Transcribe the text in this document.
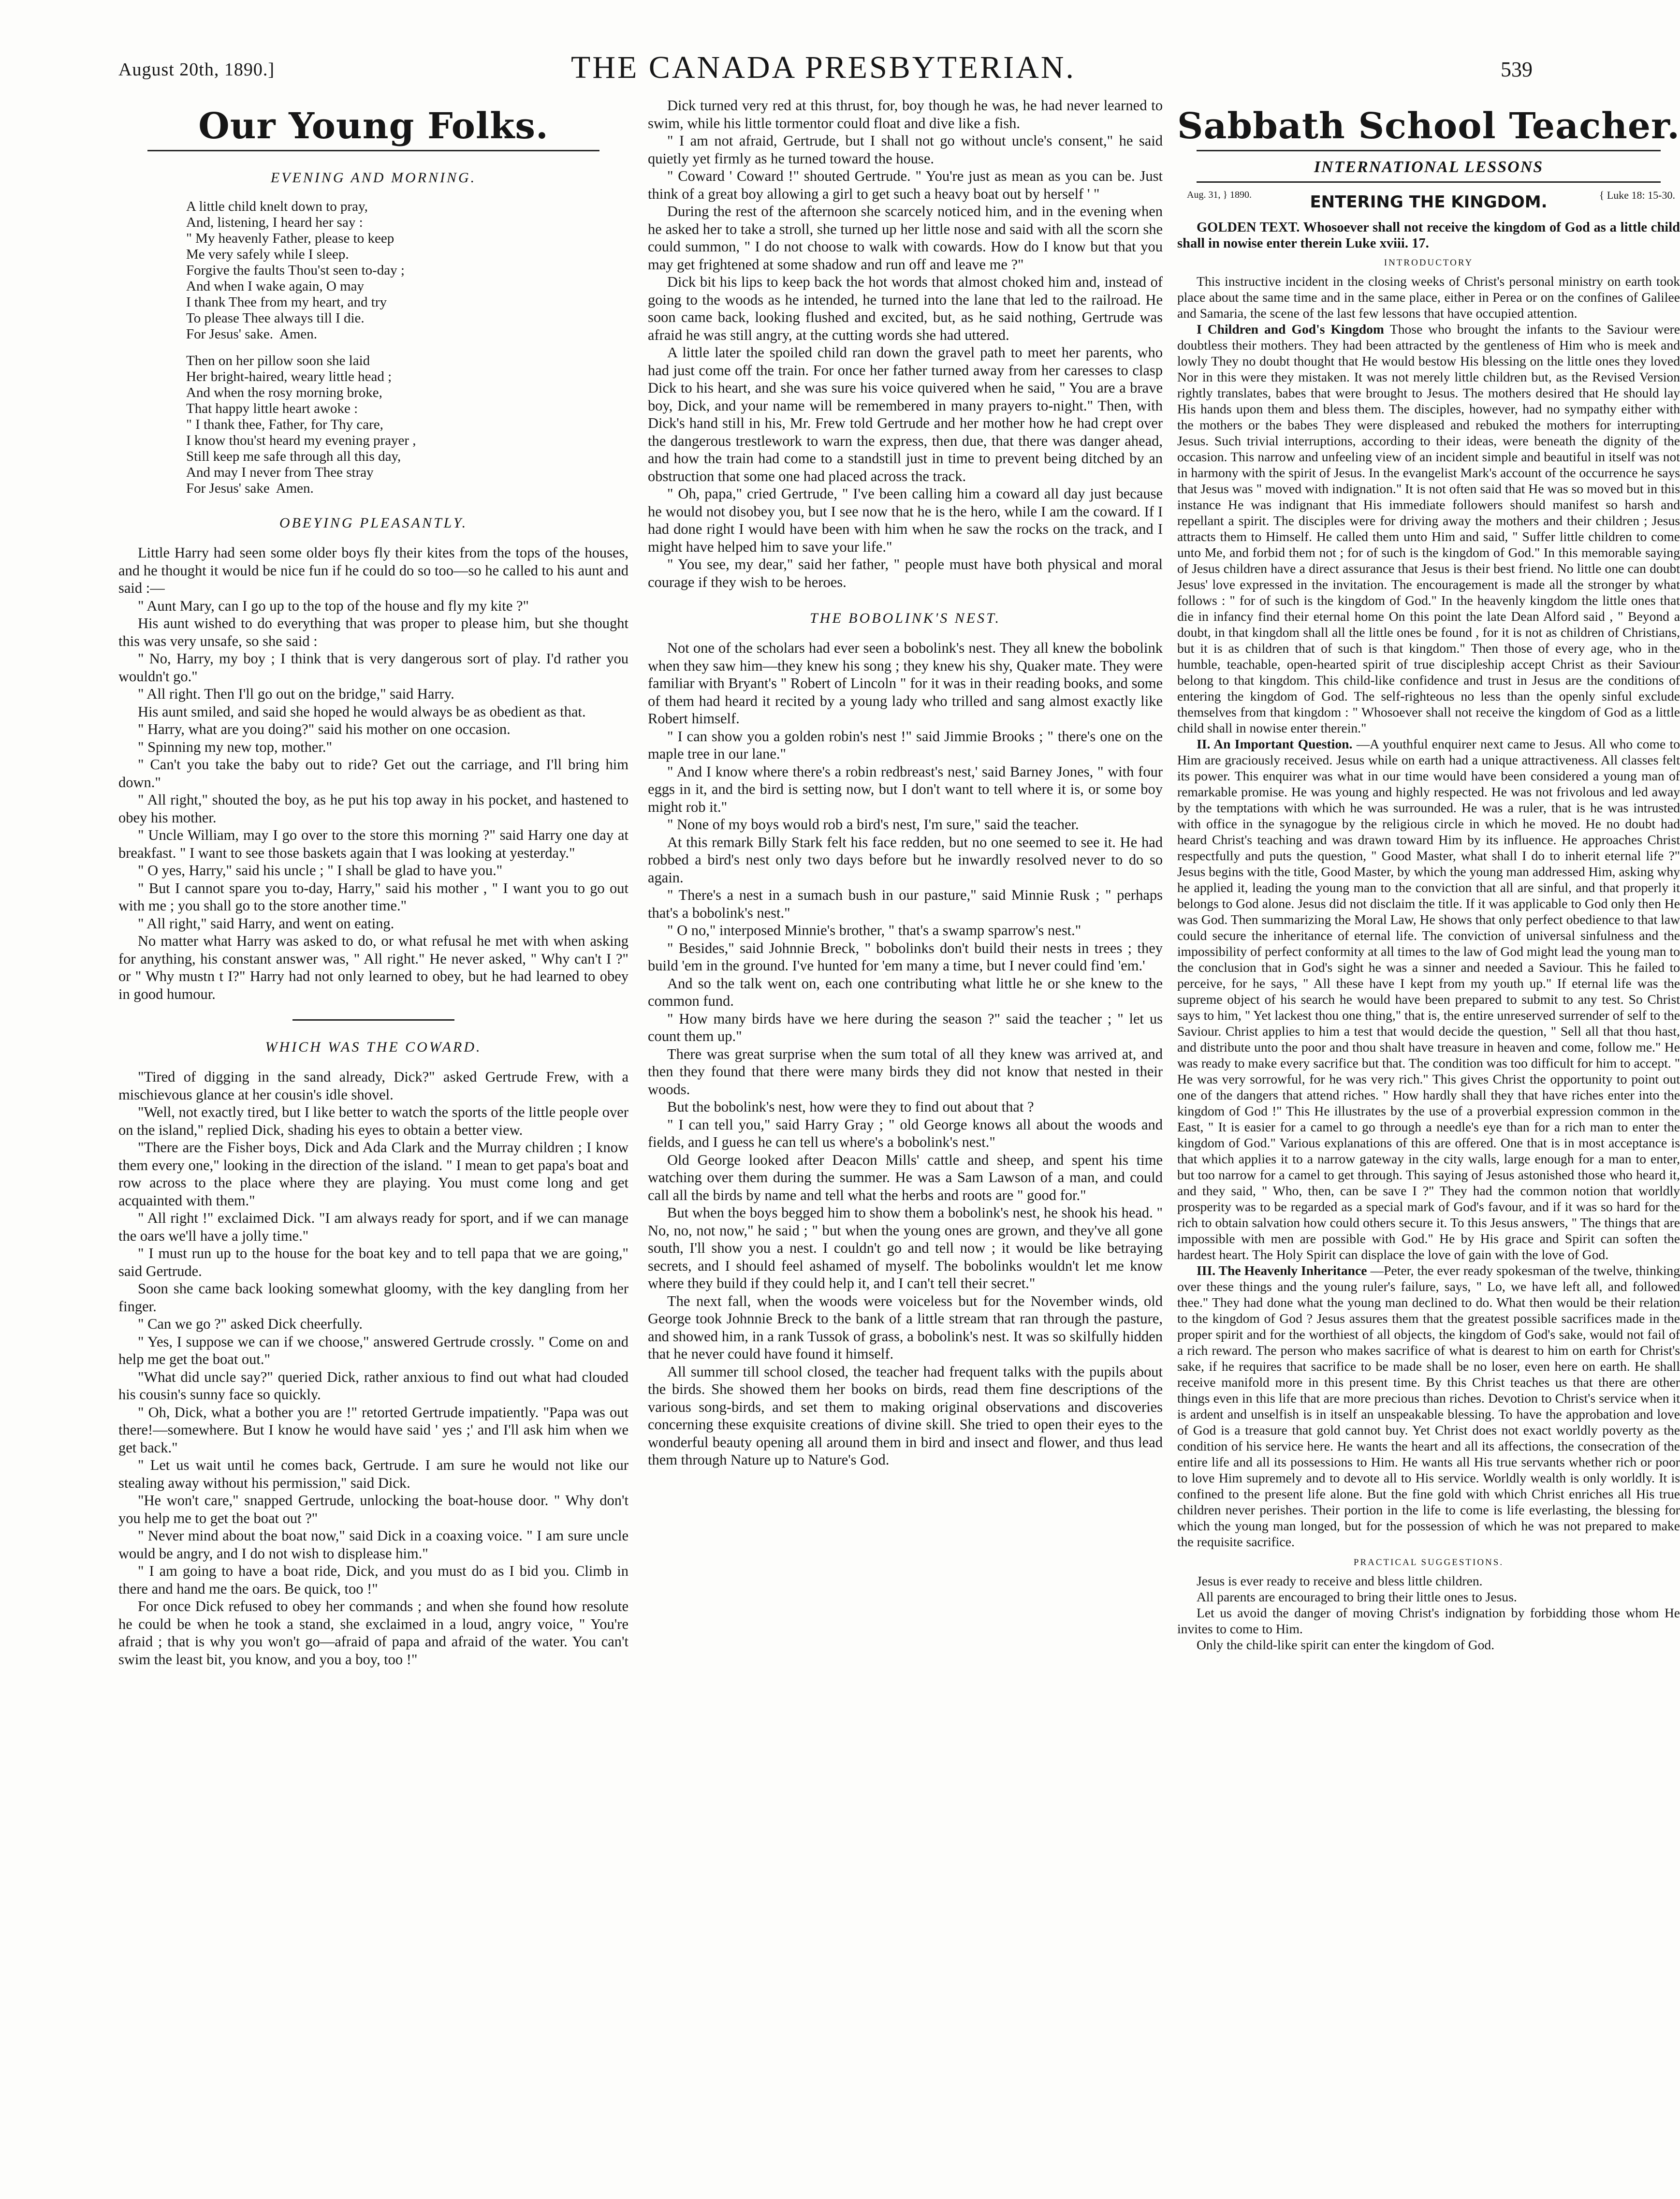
August 20th, 1890.]	THE CANADA PRESBYTERIAN.	539
Our Young Folks.
EVENING AND MORNING.
A little child knelt down to pray,
And, listening, I heard her say :
" My heavenly Father, please to keep
Me very safely while I sleep.
Forgive the faults Thou'st seen to-day ;
And when I wake again, O may
I thank Thee from my heart, and try
To please Thee always till I die.
For Jesus' sake.  Amen.
Then on her pillow soon she laid
Her bright-haired, weary little head ;
And when the rosy morning broke,
That happy little heart awoke :
" I thank thee, Father, for Thy care,
I know thou'st heard my evening prayer ,
Still keep me safe through all this day,
And may I never from Thee stray
For Jesus' sake  Amen.
OBEYING PLEASANTLY.

Little Harry had seen some older boys fly their kites from the tops of the houses, and he thought it would be nice fun if he could do so too—so he called to his aunt and said :—

" Aunt Mary, can I go up to the top of the house and fly my kite ?"

His aunt wished to do everything that was proper to please him, but she thought this was very unsafe, so she said :

" No, Harry, my boy ; I think that is very dangerous sort of play. I'd rather you wouldn't go."

" All right. Then I'll go out on the bridge," said Harry.

His aunt smiled, and said she hoped he would always be as obedient as that.

" Harry, what are you doing?" said his mother on one occasion.

" Spinning my new top, mother."

" Can't you take the baby out to ride? Get out the carriage, and I'll bring him down."

" All right," shouted the boy, as he put his top away in his pocket, and hastened to obey his mother.

" Uncle William, may I go over to the store this morning ?" said Harry one day at breakfast. " I want to see those baskets again that I was looking at yesterday."

" O yes, Harry," said his uncle ; " I shall be glad to have you."

" But I cannot spare you to-day, Harry," said his mother , " I want you to go out with me ; you shall go to the store another time."

" All right," said Harry, and went on eating.

No matter what Harry was asked to do, or what refusal he met with when asking for anything, his constant answer was, " All right." He never asked, " Why can't I ?" or " Why mustn t I?" Harry had not only learned to obey, but he had learned to obey in good humour.

WHICH WAS THE COWARD.

"Tired of digging in the sand already, Dick?" asked Gertrude Frew, with a mischievous glance at her cousin's idle shovel.

"Well, not exactly tired, but I like better to watch the sports of the little people over on the island," replied Dick, shading his eyes to obtain a better view.

"There are the Fisher boys, Dick and Ada Clark and the Murray children ; I know them every one," looking in the direction of the island. " I mean to get papa's boat and row across to the place where they are playing. You must come long and get acquainted with them."

" All right !" exclaimed Dick. "I am always ready for sport, and if we can manage the oars we'll have a jolly time."

" I must run up to the house for the boat key and to tell papa that we are going," said Gertrude.

Soon she came back looking somewhat gloomy, with the key dangling from her finger.

" Can we go ?" asked Dick cheerfully.

" Yes, I suppose we can if we choose," answered Gertrude crossly. " Come on and help me get the boat out."

"What did uncle say?" queried Dick, rather anxious to find out what had clouded his cousin's sunny face so quickly.

" Oh, Dick, what a bother you are !" retorted Gertrude impatiently. "Papa was out there!—somewhere. But I know he would have said ' yes ;' and I'll ask him when we get back."

" Let us wait until he comes back, Gertrude. I am sure he would not like our stealing away without his permission," said Dick.

"He won't care," snapped Gertrude, unlocking the boat-house door. " Why don't you help me to get the boat out ?"

" Never mind about the boat now," said Dick in a coaxing voice. " I am sure uncle would be angry, and I do not wish to displease him."

" I am going to have a boat ride, Dick, and you must do as I bid you. Climb in there and hand me the oars. Be quick, too !"

For once Dick refused to obey her commands ; and when she found how resolute he could be when he took a stand, she exclaimed in a loud, angry voice, " You're afraid ; that is why you won't go—afraid of papa and afraid of the water. You can't swim the least bit, you know, and you a boy, too !"

Dick turned very red at this thrust, for, boy though he was, he had never learned to swim, while his little tormentor could float and dive like a fish.

" I am not afraid, Gertrude, but I shall not go without uncle's consent," he said quietly yet firmly as he turned toward the house.

" Coward ' Coward !" shouted Gertrude. " You're just as mean as you can be. Just think of a great boy allowing a girl to get such a heavy boat out by herself ' "

During the rest of the afternoon she scarcely noticed him, and in the evening when he asked her to take a stroll, she turned up her little nose and said with all the scorn she could summon, " I do not choose to walk with cowards. How do I know but that you may get frightened at some shadow and run off and leave me ?"

Dick bit his lips to keep back the hot words that almost choked him and, instead of going to the woods as he intended, he turned into the lane that led to the railroad. He soon came back, looking flushed and excited, but, as he said nothing, Gertrude was afraid he was still angry, at the cutting words she had uttered.

A little later the spoiled child ran down the gravel path to meet her parents, who had just come off the train. For once her father turned away from her caresses to clasp Dick to his heart, and she was sure his voice quivered when he said, " You are a brave boy, Dick, and your name will be remembered in many prayers to-night." Then, with Dick's hand still in his, Mr. Frew told Gertrude and her mother how he had crept over the dangerous trestlework to warn the express, then due, that there was danger ahead, and how the train had come to a standstill just in time to prevent being ditched by an obstruction that some one had placed across the track.

" Oh, papa," cried Gertrude, " I've been calling him a coward all day just because he would not disobey you, but I see now that he is the hero, while I am the coward. If I had done right I would have been with him when he saw the rocks on the track, and I might have helped him to save your life."

" You see, my dear," said her father, " people must have both physical and moral courage if they wish to be heroes.

THE BOBOLINK'S NEST.

Not one of the scholars had ever seen a bobolink's nest. They all knew the bobolink when they saw him—they knew his song ; they knew his shy, Quaker mate. They were familiar with Bryant's " Robert of Lincoln " for it was in their reading books, and some of them had heard it recited by a young lady who trilled and sang almost exactly like Robert himself.

" I can show you a golden robin's nest !" said Jimmie Brooks ; " there's one on the maple tree in our lane."

" And I know where there's a robin redbreast's nest,' said Barney Jones, " with four eggs in it, and the bird is setting now, but I don't want to tell where it is, or some boy might rob it."

" None of my boys would rob a bird's nest, I'm sure," said the teacher.

At this remark Billy Stark felt his face redden, but no one seemed to see it. He had robbed a bird's nest only two days before but he inwardly resolved never to do so again.

" There's a nest in a sumach bush in our pasture," said Minnie Rusk ; " perhaps that's a bobolink's nest."

" O no," interposed Minnie's brother, " that's a swamp sparrow's nest."

" Besides," said Johnnie Breck, " bobolinks don't build their nests in trees ; they build 'em in the ground. I've hunted for 'em many a time, but I never could find 'em.'

And so the talk went on, each one contributing what little he or she knew to the common fund.

" How many birds have we here during the season ?" said the teacher ; " let us count them up."

There was great surprise when the sum total of all they knew was arrived at, and then they found that there were many birds they did not know that nested in their woods.

But the bobolink's nest, how were they to find out about that ?

" I can tell you," said Harry Gray ; " old George knows all about the woods and fields, and I guess he can tell us where's a bobolink's nest."

Old George looked after Deacon Mills' cattle and sheep, and spent his time watching over them during the summer. He was a Sam Lawson of a man, and could call all the birds by name and tell what the herbs and roots are " good for."

But when the boys begged him to show them a bobolink's nest, he shook his head. " No, no, not now," he said ; " but when the young ones are grown, and they've all gone south, I'll show you a nest. I couldn't go and tell now ; it would be like betraying secrets, and I should feel ashamed of myself. The bobolinks wouldn't let me know where they build if they could help it, and I can't tell their secret."

The next fall, when the woods were voiceless but for the November winds, old George took Johnnie Breck to the bank of a little stream that ran through the pasture, and showed him, in a rank Tussok of grass, a bobolink's nest. It was so skilfully hidden that he never could have found it himself.

All summer till school closed, the teacher had frequent talks with the pupils about the birds. She showed them her books on birds, read them fine descriptions of the various song-birds, and set them to making original observations and discoveries concerning these exquisite creations of divine skill. She tried to open their eyes to the wonderful beauty opening all around them in bird and insect and flower, and thus lead them through Nature up to Nature's God.

Sabbath School Teacher.
INTERNATIONAL LESSONS
Aug. 31, } 1890.	ENTERING THE KINGDOM.	{ Luke 18: 15-30.

GOLDEN TEXT. Whosoever shall not receive the kingdom of God as a little child shall in nowise enter therein Luke xviii. 17.

INTRODUCTORY

This instructive incident in the closing weeks of Christ's personal ministry on earth took place about the same time and in the same place, either in Perea or on the confines of Galilee and Samaria, the scene of the last few lessons that have occupied attention.

I Children and God's Kingdom Those who brought the infants to the Saviour were doubtless their mothers. They had been attracted by the gentleness of Him who is meek and lowly They no doubt thought that He would bestow His blessing on the little ones they loved Nor in this were they mistaken. It was not merely little children but, as the Revised Version rightly translates, babes that were brought to Jesus. The mothers desired that He should lay His hands upon them and bless them. The disciples, however, had no sympathy either with the mothers or the babes They were displeased and rebuked the mothers for interrupting Jesus. Such trivial interruptions, according to their ideas, were beneath the dignity of the occasion. This narrow and unfeeling view of an incident simple and beautiful in itself was not in harmony with the spirit of Jesus. In the evangelist Mark's account of the occurrence he says that Jesus was " moved with indignation." It is not often said that He was so moved but in this instance He was indignant that His immediate followers should manifest so harsh and repellant a spirit. The disciples were for driving away the mothers and their children ; Jesus attracts them to Himself. He called them unto Him and said, " Suffer little children to come unto Me, and forbid them not ; for of such is the kingdom of God." In this memorable saying of Jesus children have a direct assurance that Jesus is their best friend. No little one can doubt Jesus' love expressed in the invitation. The encouragement is made all the stronger by what follows : " for of such is the kingdom of God." In the heavenly kingdom the little ones that die in infancy find their eternal home On this point the late Dean Alford said , " Beyond a doubt, in that kingdom shall all the little ones be found , for it is not as children of Christians, but it is as children that of such is that kingdom." Then those of every age, who in the humble, teachable, open-hearted spirit of true discipleship accept Christ as their Saviour belong to that kingdom. This child-like confidence and trust in Jesus are the conditions of entering the kingdom of God. The self-righteous no less than the openly sinful exclude themselves from that kingdom : " Whosoever shall not receive the kingdom of God as a little child shall in nowise enter therein."

II. An Important Question. —A youthful enquirer next came to Jesus. All who come to Him are graciously received. Jesus while on earth had a unique attractiveness. All classes felt its power. This enquirer was what in our time would have been considered a young man of remarkable promise. He was young and highly respected. He was not frivolous and led away by the temptations with which he was surrounded. He was a ruler, that is he was intrusted with office in the synagogue by the religious circle in which he moved. He no doubt had heard Christ's teaching and was drawn toward Him by its influence. He approaches Christ respectfully and puts the question, " Good Master, what shall I do to inherit eternal life ?" Jesus begins with the title, Good Master, by which the young man addressed Him, asking why he applied it, leading the young man to the conviction that all are sinful, and that properly it belongs to God alone. Jesus did not disclaim the title. If it was applicable to God only then He was God. Then summarizing the Moral Law, He shows that only perfect obedience to that law could secure the inheritance of eternal life. The conviction of universal sinfulness and the impossibility of perfect conformity at all times to the law of God might lead the young man to the conclusion that in God's sight he was a sinner and needed a Saviour. This he failed to perceive, for he says, " All these have I kept from my youth up." If eternal life was the supreme object of his search he would have been prepared to submit to any test. So Christ says to him, " Yet lackest thou one thing," that is, the entire unreserved surrender of self to the Saviour. Christ applies to him a test that would decide the question, " Sell all that thou hast, and distribute unto the poor and thou shalt have treasure in heaven and come, follow me." He was ready to make every sacrifice but that. The condition was too difficult for him to accept. " He was very sorrowful, for he was very rich." This gives Christ the opportunity to point out one of the dangers that attend riches. " How hardly shall they that have riches enter into the kingdom of God !" This He illustrates by the use of a proverbial expression common in the East, " It is easier for a camel to go through a needle's eye than for a rich man to enter the kingdom of God." Various explanations of this are offered. One that is in most acceptance is that which applies it to a narrow gateway in the city walls, large enough for a man to enter, but too narrow for a camel to get through. This saying of Jesus astonished those who heard it, and they said, " Who, then, can be save I ?" They had the common notion that worldly prosperity was to be regarded as a special mark of God's favour, and if it was so hard for the rich to obtain salvation how could others secure it. To this Jesus answers, " The things that are impossible with men are possible with God." He by His grace and Spirit can soften the hardest heart. The Holy Spirit can displace the love of gain with the love of God.

III. The Heavenly Inheritance —Peter, the ever ready spokesman of the twelve, thinking over these things and the young ruler's failure, says, " Lo, we have left all, and followed thee." They had done what the young man declined to do. What then would be their relation to the kingdom of God ? Jesus assures them that the greatest possible sacrifices made in the proper spirit and for the worthiest of all objects, the kingdom of God's sake, would not fail of a rich reward. The person who makes sacrifice of what is dearest to him on earth for Christ's sake, if he requires that sacrifice to be made shall be no loser, even here on earth. He shall receive manifold more in this present time. By this Christ teaches us that there are other things even in this life that are more precious than riches. Devotion to Christ's service when it is ardent and unselfish is in itself an unspeakable blessing. To have the approbation and love of God is a treasure that gold cannot buy. Yet Christ does not exact worldly poverty as the condition of his service here. He wants the heart and all its affections, the consecration of the entire life and all its possessions to Him. He wants all His true servants whether rich or poor to love Him supremely and to devote all to His service. Worldly wealth is only worldly. It is confined to the present life alone. But the fine gold with which Christ enriches all His true children never perishes. Their portion in the life to come is life everlasting, the blessing for which the young man longed, but for the possession of which he was not prepared to make the requisite sacrifice.

PRACTICAL SUGGESTIONS.

Jesus is ever ready to receive and bless little children.

All parents are encouraged to bring their little ones to Jesus.

Let us avoid the danger of moving Christ's indignation by forbidding those whom He invites to come to Him.

Only the child-like spirit can enter the kingdom of God.
